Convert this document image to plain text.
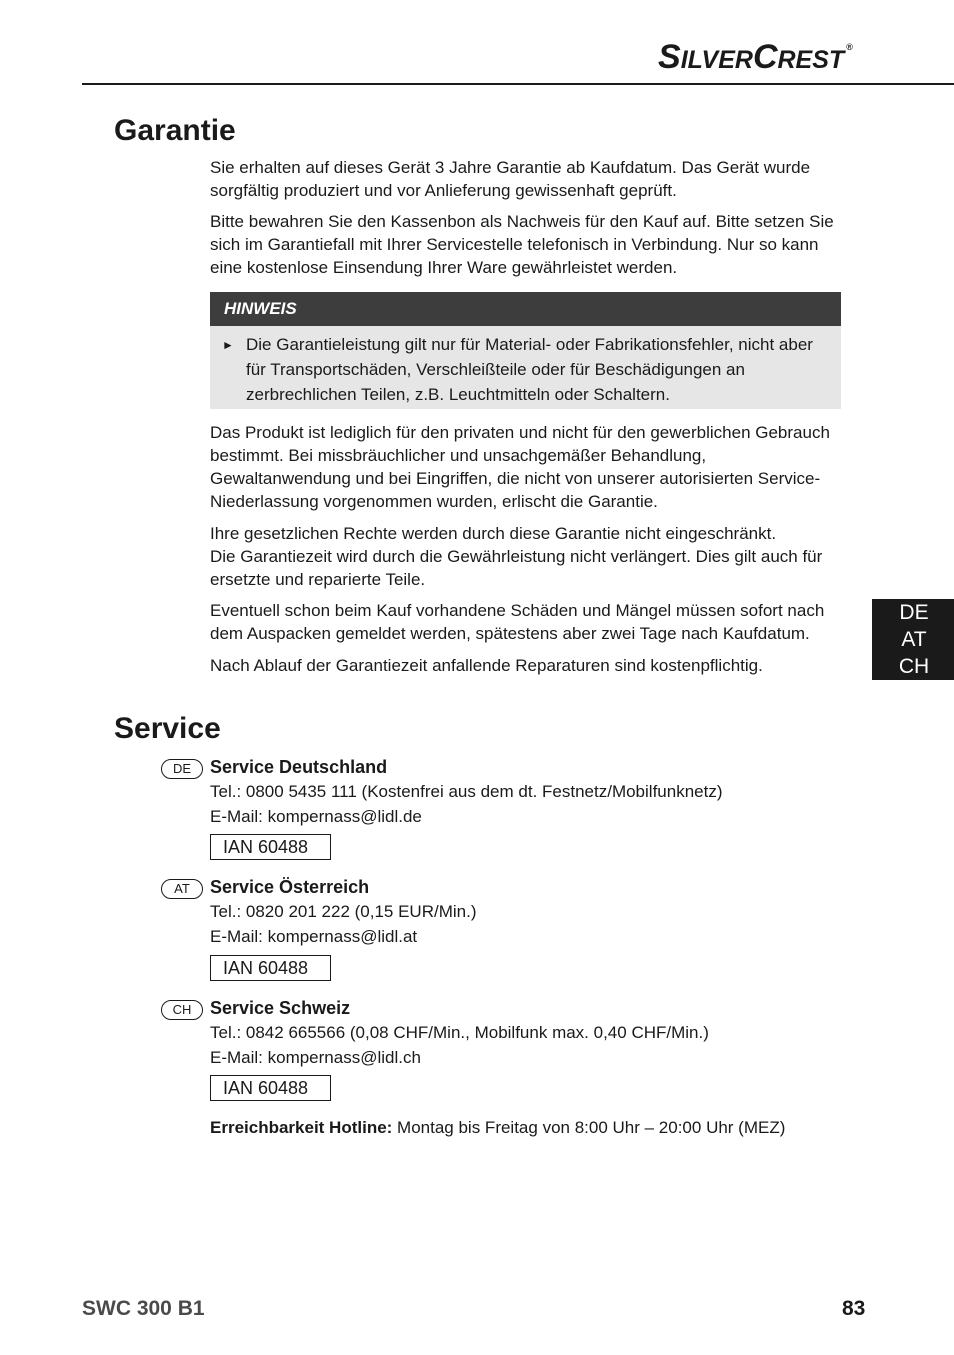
SILVERCREST ®
Garantie

Sie erhalten auf dieses Gerät 3 Jahre Garantie ab Kaufdatum. Das Gerät wurde sorgfältig produziert und vor Anlieferung gewissenhaft geprüft.

Bitte bewahren Sie den Kassenbon als Nachweis für den Kauf auf. Bitte setzen Sie sich im Garantiefall mit Ihrer Servicestelle telefonisch in Verbindung. Nur so kann eine kostenlose Einsendung Ihrer Ware gewährleistet werden.

HINWEIS
► Die Garantieleistung gilt nur für Material- oder Fabrikationsfehler, nicht aber für Transportschäden, Verschleißteile oder für Beschädigungen an zerbrechlichen Teilen, z.B. Leuchtmitteln oder Schaltern.

Das Produkt ist lediglich für den privaten und nicht für den gewerblichen Gebrauch bestimmt. Bei missbräuchlicher und unsachgemäßer Behandlung, Gewaltanwendung und bei Eingriffen, die nicht von unserer autorisierten Service-Niederlassung vorgenommen wurden, erlischt die Garantie.

Ihre gesetzlichen Rechte werden durch diese Garantie nicht eingeschränkt.

Die Garantiezeit wird durch die Gewährleistung nicht verlängert. Dies gilt auch für ersetzte und reparierte Teile.

Eventuell schon beim Kauf vorhandene Schäden und Mängel müssen sofort nach dem Auspacken gemeldet werden, spätestens aber zwei Tage nach Kaufdatum.

Nach Ablauf der Garantiezeit anfallende Reparaturen sind kostenpflichtig.

DE
AT
CH
Service
DE	Service Deutschland
Tel.: 0800 5435 111 (Kostenfrei aus dem dt. Festnetz/Mobilfunknetz)
E-Mail: kompernass@lidl.de
IAN 60488
AT	Service Österreich
Tel.: 0820 201 222 (0,15 EUR/Min.)
E-Mail: kompernass@lidl.at
IAN 60488
CH	Service Schweiz
Tel.: 0842 665566 (0,08 CHF/Min., Mobilfunk max. 0,40 CHF/Min.)
E-Mail: kompernass@lidl.ch
IAN 60488
Erreichbarkeit Hotline: Montag bis Freitag von 8:00 Uhr – 20:00 Uhr (MEZ)
SWC 300 B1	83
